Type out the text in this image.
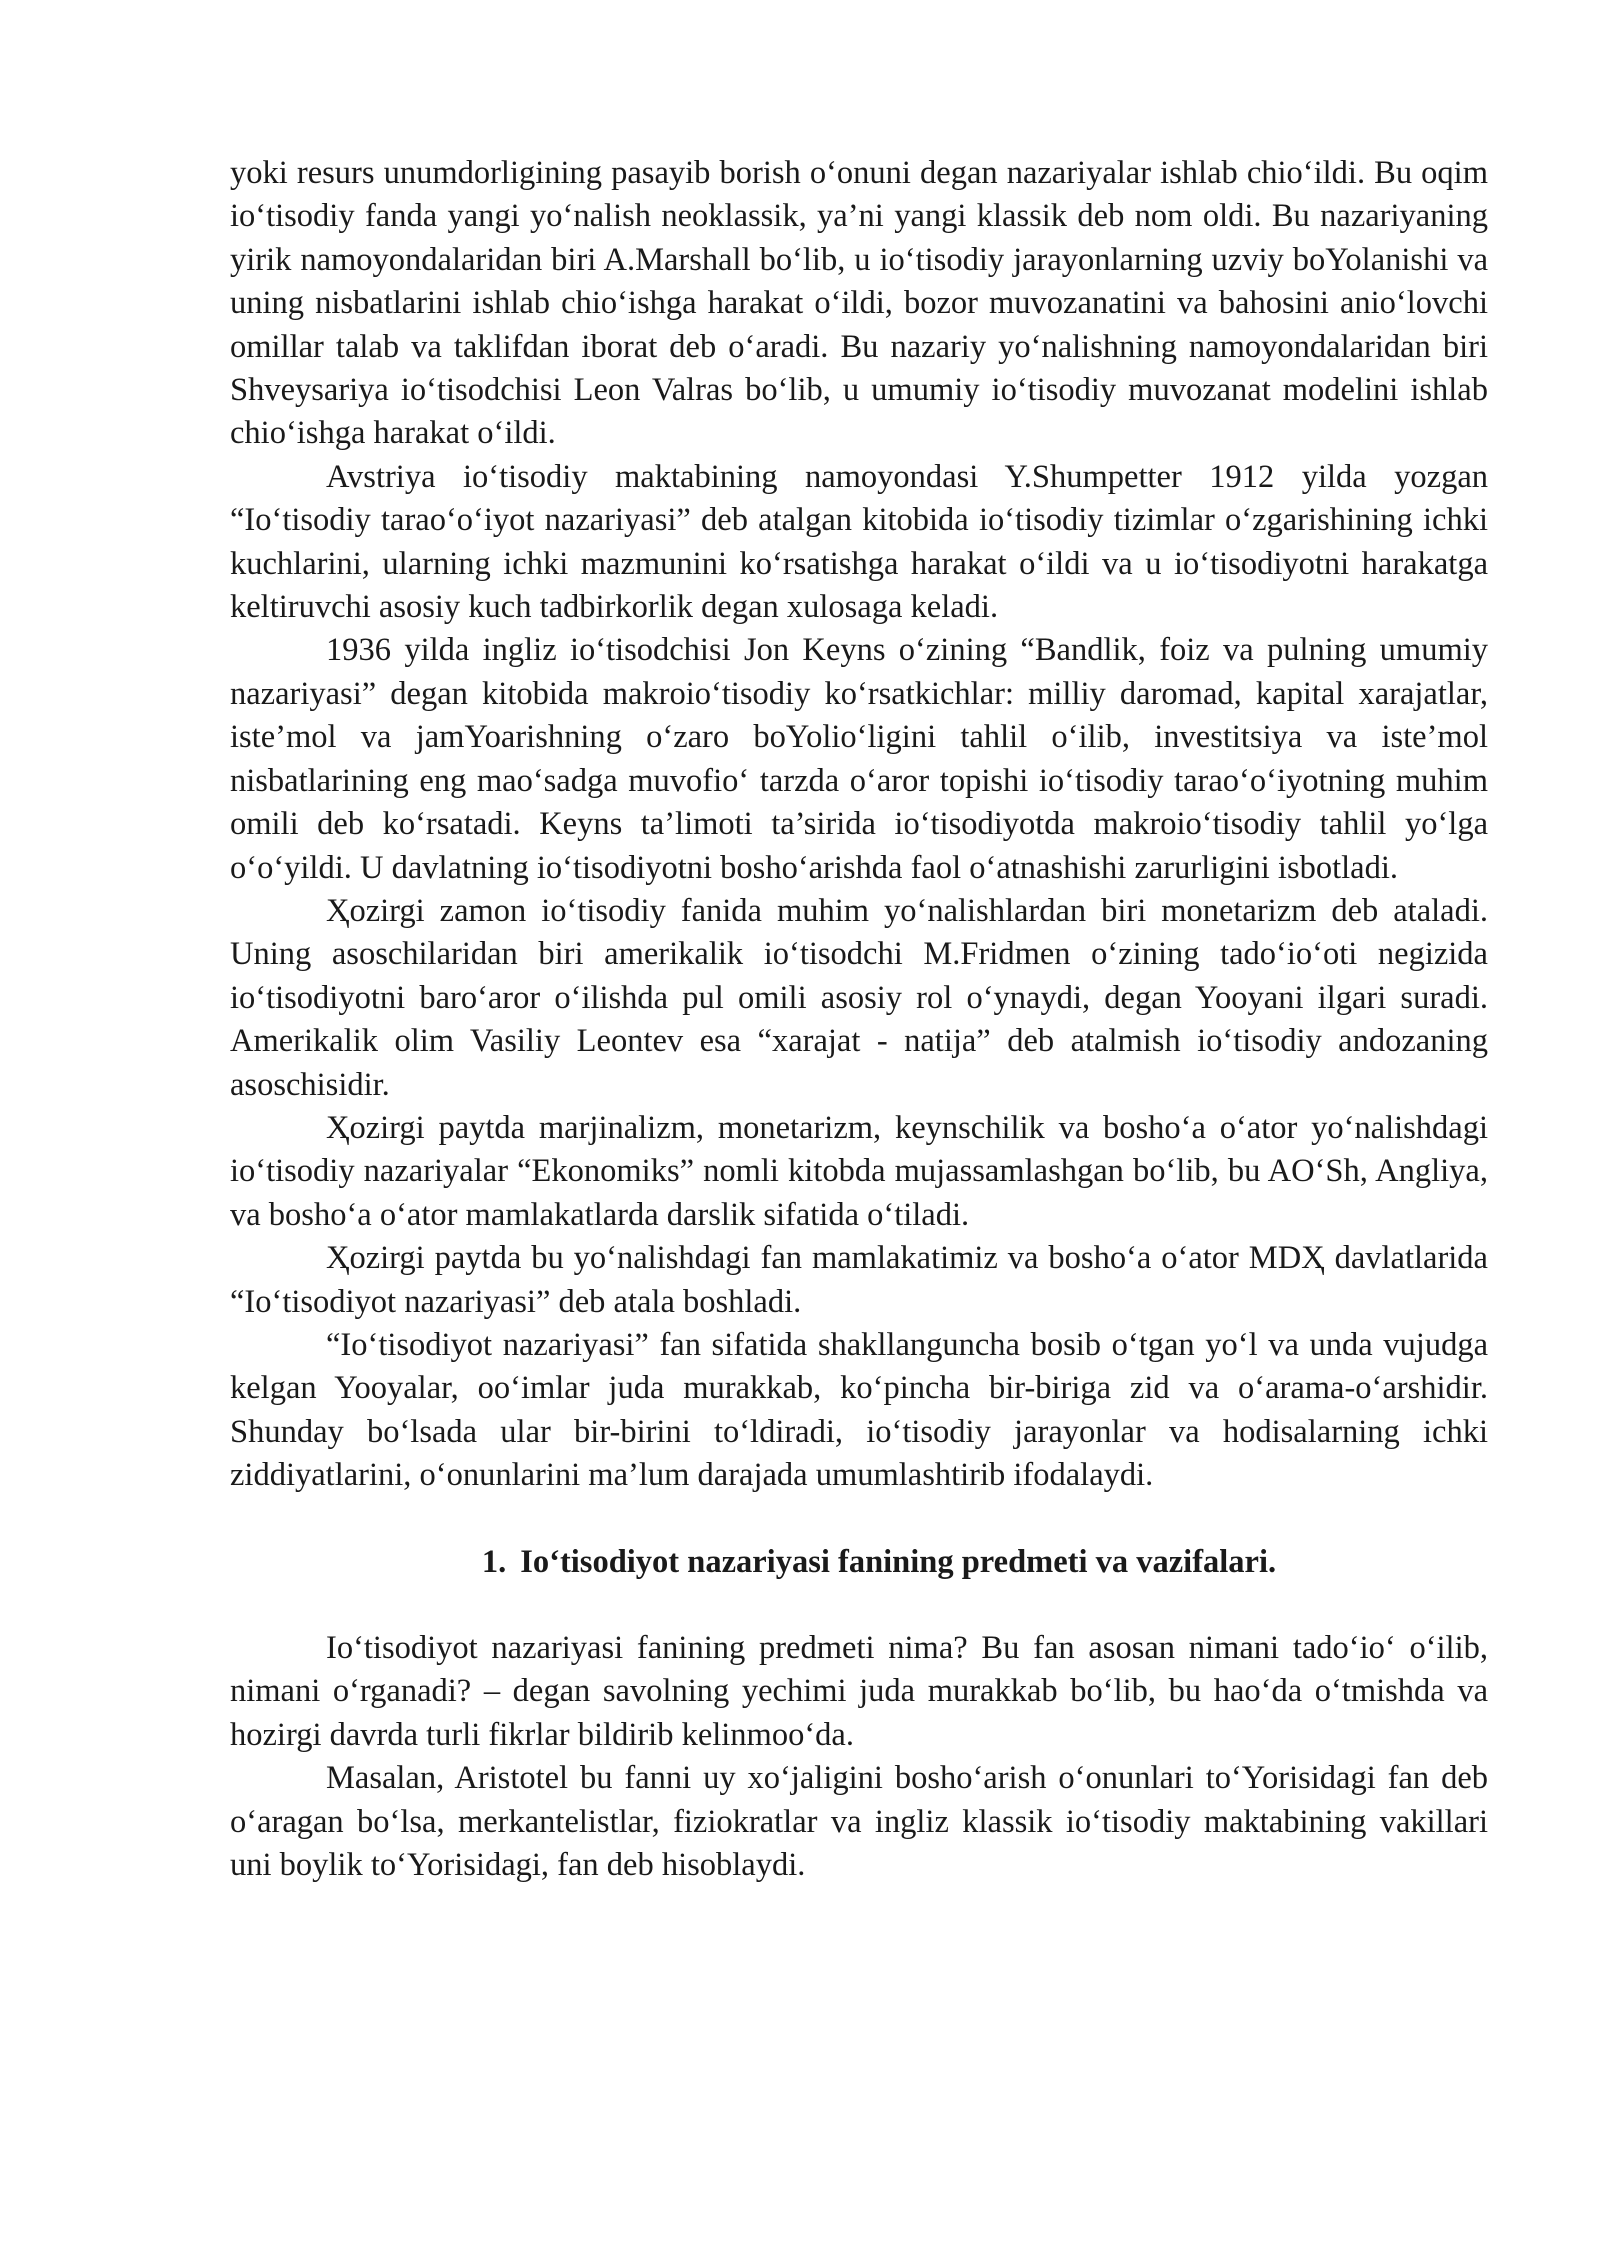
yoki resurs unumdorligining pasayib borish oʻonuni degan nazariyalar ishlab chioʻildi. Bu oqim ioʻtisodiy fanda yangi yoʻnalish neoklassik, ya’ni yangi klassik deb nom oldi. Bu nazariyaning yirik namoyondalaridan biri A.Marshall boʻlib, u ioʻtisodiy jarayonlarning uzviy boYolanishi va uning nisbatlarini ishlab chioʻishga harakat oʻildi, bozor muvozanatini va bahosini anioʻlovchi omillar talab va taklifdan iborat deb oʻaradi. Bu nazariy yoʻnalishning namoyondalaridan biri Shveysariya ioʻtisodchisi Leon Valras boʻlib, u umumiy ioʻtisodiy muvozanat modelini ishlab chioʻishga harakat oʻildi.

Avstriya ioʻtisodiy maktabining namoyondasi Y.Shumpetter 1912 yilda yozgan “Ioʻtisodiy taraoʻoʻiyot nazariyasi” deb atalgan kitobida ioʻtisodiy tizimlar oʻzgarishining ichki kuchlarini, ularning ichki mazmunini koʻrsatishga harakat oʻildi va u ioʻtisodiyotni harakatga keltiruvchi asosiy kuch tadbirkorlik degan xulosaga keladi.

1936 yilda ingliz ioʻtisodchisi Jon Keyns oʻzining “Bandlik, foiz va pulning umumiy nazariyasi” degan kitobida makroioʻtisodiy koʻrsatkichlar: milliy daromad, kapital xarajatlar, iste’mol va jamYoarishning oʻzaro boYolioʻligini tahlil oʻilib, investitsiya va iste’mol nisbatlarining eng maoʻsadga muvofioʻ tarzda oʻaror topishi ioʻtisodiy taraoʻoʻiyotning muhim omili deb koʻrsatadi. Keyns ta’limoti ta’sirida ioʻtisodiyotda makroioʻtisodiy tahlil yoʻlga oʻoʻyildi. U davlatning ioʻtisodiyotni boshoʻarishda faol oʻatnashishi zarurligini isbotladi.

Ҳozirgi zamon ioʻtisodiy fanida muhim yoʻnalishlardan biri monetarizm deb ataladi. Uning asoschilaridan biri amerikalik ioʻtisodchi M.Fridmen oʻzining tadoʻioʻoti negizida ioʻtisodiyotni baroʻaror oʻilishda pul omili asosiy rol oʻynaydi, degan Yooyani ilgari suradi. Amerikalik olim Vasiliy Leontev esa “xarajat - natija” deb atalmish ioʻtisodiy andozaning asoschisidir.

Ҳozirgi paytda marjinalizm, monetarizm, keynschilik va boshoʻa oʻator yoʻnalishdagi ioʻtisodiy nazariyalar “Ekonomiks” nomli kitobda mujassamlashgan boʻlib, bu AOʻSh, Angliya, va boshoʻa oʻator mamlakatlarda darslik sifatida oʻtiladi.

Ҳozirgi paytda bu yoʻnalishdagi fan mamlakatimiz va boshoʻa oʻator MDҲ davlatlarida “Ioʻtisodiyot nazariyasi” deb atala boshladi.

“Ioʻtisodiyot nazariyasi” fan sifatida shakllanguncha bosib oʻtgan yoʻl va unda vujudga kelgan Yooyalar, ooʻimlar juda murakkab, koʻpincha bir-biriga zid va oʻarama-oʻarshidir. Shunday boʻlsada ular bir-birini toʻldiradi, ioʻtisodiy jarayonlar va hodisalarning ichki ziddiyatlarini, oʻonunlarini ma’lum darajada umumlashtirib ifodalaydi.

1. Ioʻtisodiyot nazariyasi fanining predmeti va vazifalari.

Ioʻtisodiyot nazariyasi fanining predmeti nima? Bu fan asosan nimani tadoʻioʻ oʻilib, nimani oʻrganadi? – degan savolning yechimi juda murakkab boʻlib, bu haoʻda oʻtmishda va hozirgi davrda turli fikrlar bildirib kelinmooʻda.

Masalan, Aristotel bu fanni uy xoʻjaligini boshoʻarish oʻonunlari toʻYorisidagi fan deb oʻaragan boʻlsa, merkantelistlar, fiziokratlar va ingliz klassik ioʻtisodiy maktabining vakillari uni boylik toʻYorisidagi, fan deb hisoblaydi.
